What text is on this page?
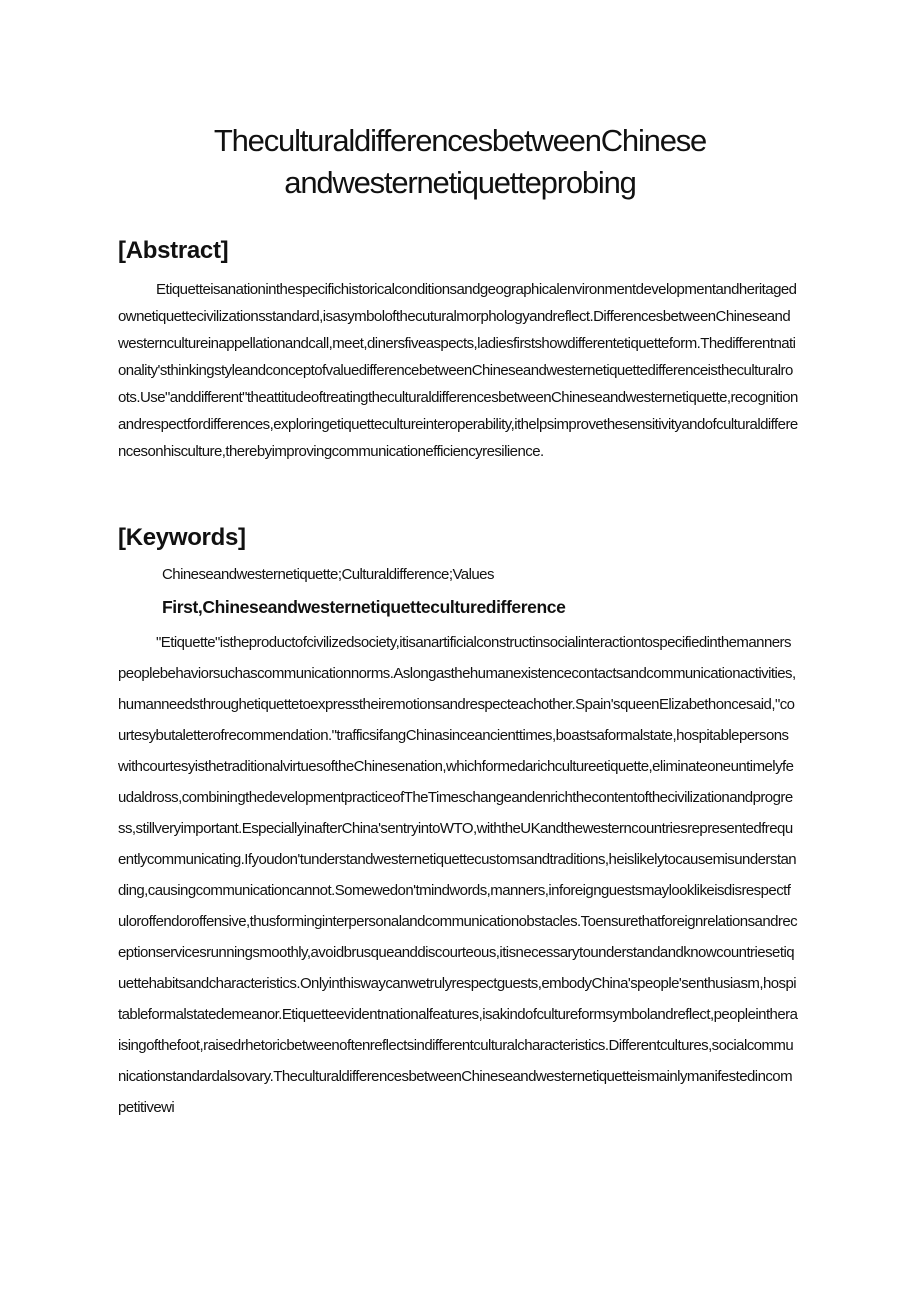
TheculturaldifferencesbetweenChinese
andwesternetiquetteprobing
[Abstract]
Etiquetteisanationinthespecifichistoricalconditionsandgeographicalenvironmentdevelopmentandheritagedownetiquettecivilizationsstandard,isasymbolofthecuturalmorphologyandreflect.DifferencesbetweenChineseandwesterncultureinappellationandcall,meet,dinersfiveaspects,ladiesfirstshowdifferentetiquetteform.Thedifferentnationality'sthinkingstyleandconceptofvaluedifferencebetweenChineseandwesternetiquettedifferenceistheculturalroots.Use"anddifferent"theattitudeoftreatingtheculturaldifferencesbetweenChineseandwesternetiquette,recognitionandrespectfordifferences,exploringetiquettecultureinteroperability,ithelpsimprovethesensitivityandofculturaldifferencesonhisculture,therebyimprovingcommunicationefficiencyresilience.
[Keywords]
Chineseandwesternetiquette;Culturaldifference;Values
First,Chineseandwesternetiquetteculturedifference
"Etiquette"istheproductofcivilizedsociety,itisanartificialconstructinsocialinteractiontospecifiedinthemannerspeoplebehaviorsuchascommunicationnorms.Aslongasthehumanexistencecontactsandcommunicationactivities,humanneedsthroughetiquettetoexpresstheiremotionsandrespecteachother.Spain'squeenElizabethoncesaid,"courtesybutaletterofrecommendation."trafficsifangChinasinceancienttimes,boastsaformalstate,hospitablepersonswithcourtesyisthetraditionalvirtuesoftheChinesenation,whichformedarichcultureetiquette,eliminateoneuntimelyfeudaldross,combiningthedevelopmentpracticeofTheTimeschangeandenrichthecontentofthecivilizationandprogress,stillveryimportant.EspeciallyinafterChina'sentryintoWTO,withtheUKandthewesterncountriesrepresentedfrequentlycommunicating.Ifyoudon'tunderstandwesternetiquettecustomsandtraditions,heislikelytocausemisunderstanding,causingcommunicationcannot.Somewedon'tmindwords,manners,inforeignguestsmaylooklikeisdisrespectfuloroffendoroffensive,thusforminginterpersonalandcommunicationobstacles.Toensurethatforeignrelationsandreceptionservicesrunningsmoothly,avoidbrusqueanddiscourteous,itisnecessarytounderstandandknowcountriesetiquettehabitsandcharacteristics.Onlyinthiswaycanwetrulyrespectguests,embodyChina'speople'senthusiasm,hospitableformalstatedemeanor.Etiquetteevidentnationalfeatures,isakindofcultureformsymbolandreflect,peopleintheraisingofthefoot,raisedrhetoricbetweenoftenreflectsindifferentculturalcharacteristics.Differentcultures,socialcommunicationstandardalsovary.TheculturaldifferencesbetweenChineseandwesternetiquetteismainlymanifestedincompetitivewi
